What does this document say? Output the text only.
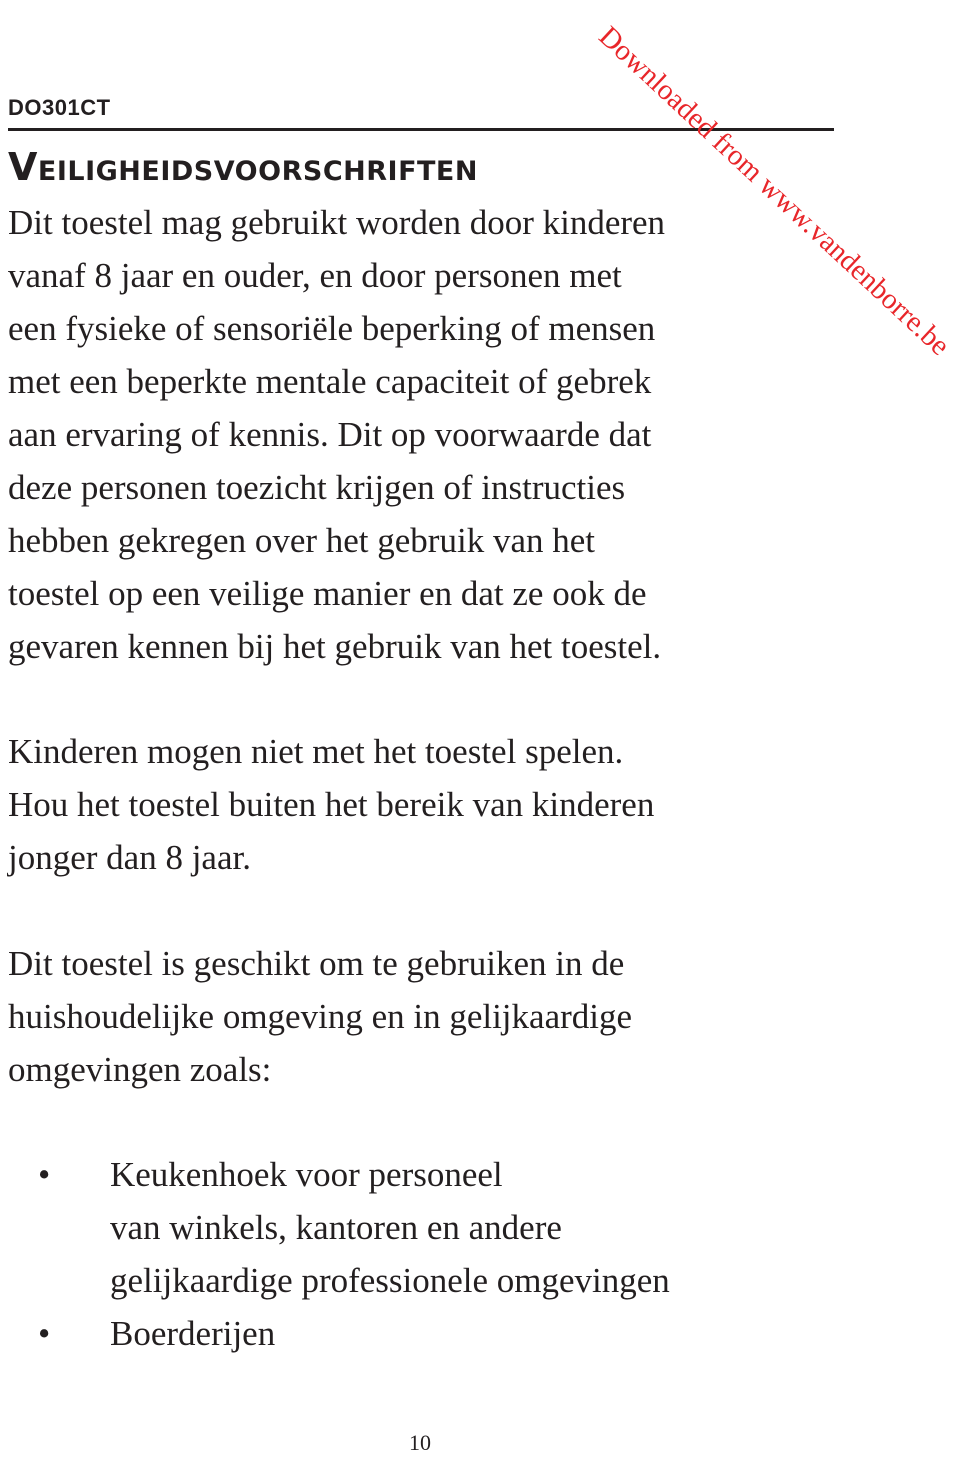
DO301CT

Veiligheidsvoorschriften

Dit toestel mag gebruikt worden door kinderen
vanaf 8 jaar en ouder, en door personen met
een fysieke of sensoriële beperking of mensen
met een beperkte mentale capaciteit of gebrek
aan ervaring of kennis. Dit op voorwaarde dat
deze personen toezicht krijgen of instructies
hebben gekregen over het gebruik van het
toestel op een veilige manier en dat ze ook de
gevaren kennen bij het gebruik van het toestel.

Kinderen mogen niet met het toestel spelen.
Hou het toestel buiten het bereik van kinderen
jonger dan 8 jaar.

Dit toestel is geschikt om te gebruiken in de
huishoudelijke omgeving en in gelijkaardige
omgevingen zoals:

• Keukenhoek voor personeel
van winkels, kantoren en andere
gelijkaardige professionele omgevingen
• Boerderijen

10

Downloaded from www.vandenborre.be
